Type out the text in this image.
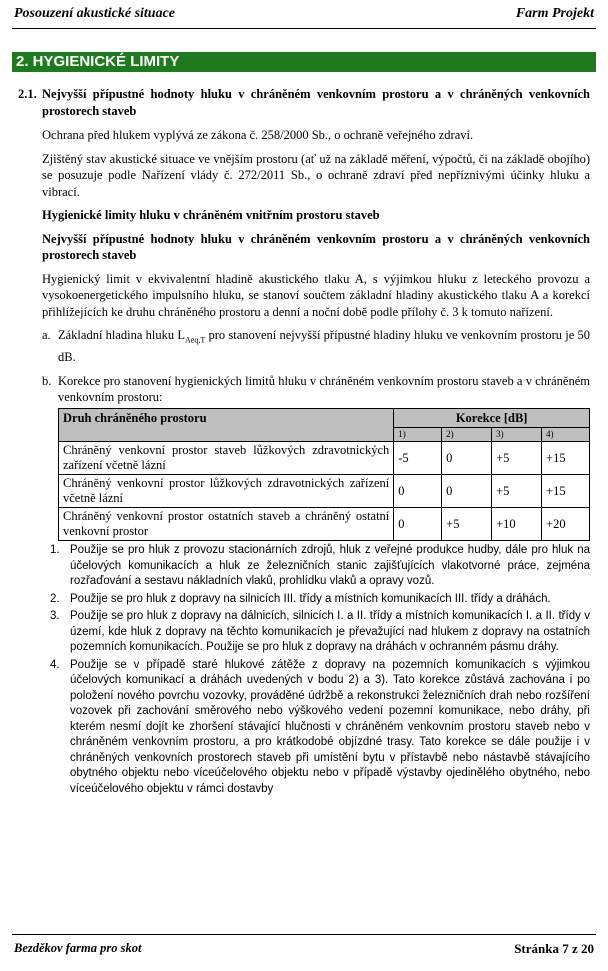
Posouzení akustické situace	Farm Projekt
2. HYGIENICKÉ LIMITY
2.1. Nejvyšší přípustné hodnoty hluku v chráněném venkovním prostoru a v chráněných venkovních prostorech staveb

Ochrana před hlukem vyplývá ze zákona č. 258/2000 Sb., o ochraně veřejného zdraví.

Zjištěný stav akustické situace ve vnějším prostoru (ať už na základě měření, výpočtů, či na základě obojího) se posuzuje podle Nařízení vlády č. 272/2011 Sb., o ochraně zdraví před nepříznivými účinky hluku a vibrací.

Hygienické limity hluku v chráněném vnitřním prostoru staveb

Nejvyšší přípustné hodnoty hluku v chráněném venkovním prostoru a v chráněných venkovních prostorech staveb

Hygienický limit v ekvivalentní hladině akustického tlaku A, s výjimkou hluku z leteckého provozu a vysokoenergetického impulsního hluku, se stanoví součtem základní hladiny akustického tlaku A a korekcí přihlížejících ke druhu chráněného prostoru a denní a noční době podle přílohy č. 3 k tomuto nařízení.

a. Základní hladina hluku $L_{Aeq,T}$ pro stanovení nejvyšší přípustné hladiny hluku ve venkovním prostoru je 50 dB.
b. Korekce pro stanovení hygienických limitů hluku v chráněném venkovním prostoru staveb a v chráněném venkovním prostoru:
Druh chráněného prostoru	Korekce [dB]			
	1)	2)	3)	4)
Chráněný venkovní prostor staveb lůžkových zdravotnických zařízení včetně lázní	-5	0	+5	+15
Chráněný venkovní prostor lůžkových zdravotnických zařízení včetně lázní	0	0	+5	+15
Chráněný venkovní prostor ostatních staveb a chráněný ostatní venkovní prostor	0	+5	+10	+20
1. Použije se pro hluk z provozu stacionárních zdrojů, hluk z veřejné produkce hudby, dále pro hluk na účelových komunikacích a hluk ze železničních stanic zajišťujících vlakotvorné práce, zejména rozřaďování a sestavu nákladních vlaků, prohlídku vlaků a opravy vozů.
2. Použije se pro hluk z dopravy na silnicích III. třídy a místních komunikacích III. třídy a dráhách.
3. Použije se pro hluk z dopravy na dálnicích, silnicích I. a II. třídy a místních komunikacích I. a II. třídy v území, kde hluk z dopravy na těchto komunikacích je převažující nad hlukem z dopravy na ostatních pozemních komunikacích. Použije se pro hluk z dopravy na dráhách v ochranném pásmu dráhy.
4. Použije se v případě staré hlukové zátěže z dopravy na pozemních komunikacích s výjimkou účelových komunikací a dráhách uvedených v bodu 2) a 3). Tato korekce zůstává zachována i po položení nového povrchu vozovky, prováděné údržbě a rekonstrukci železničních drah nebo rozšíření vozovek při zachování směrového nebo výškového vedení pozemní komunikace, nebo dráhy, při kterém nesmí dojít ke zhoršení stávající hlučnosti v chráněném venkovním prostoru staveb nebo v chráněném venkovním prostoru, a pro krátkodobé objízdné trasy. Tato korekce se dále použije i v chráněných venkovních prostorech staveb při umístění bytu v přístavbě nebo nástavbě stávajícího obytného objektu nebo víceúčelového objektu nebo v případě výstavby ojedinělého obytného, nebo víceúčelového objektu v rámci dostavby
Bezděkov farma pro skot	Stránka 7 z 20
